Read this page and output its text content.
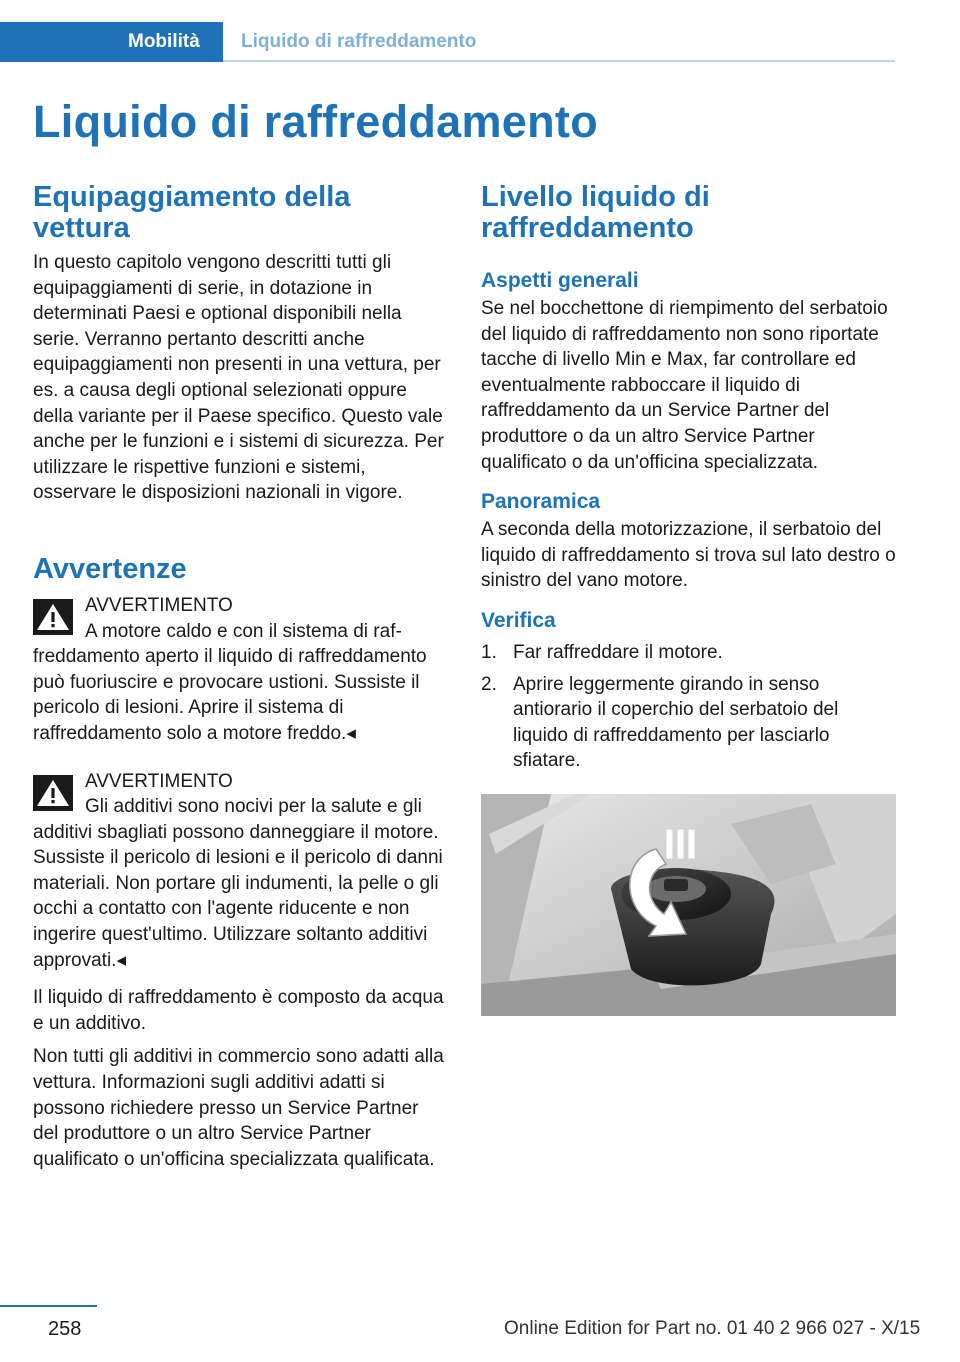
Mobilità Liquido di raffreddamento
Liquido di raffreddamento
Equipaggiamento della vettura

In questo capitolo vengono descritti tutti gli equipaggiamenti di serie, in dotazione in determinati Paesi e optional disponibili nella serie. Verranno pertanto descritti anche equipaggiamenti non presenti in una vettura, per es. a causa degli optional selezionati oppure della variante per il Paese specifico. Questo vale anche per le funzioni e i sistemi di sicurezza. Per utilizzare le rispettive funzioni e sistemi, osservare le disposizioni nazionali in vigore.

Avvertenze

AVVERTIMENTO

A motore caldo e con il sistema di raf-

freddamento aperto il liquido di raffreddamento può fuoriuscire e provocare ustioni. Sussiste il pericolo di lesioni. Aprire il sistema di raffreddamento solo a motore freddo.◂

AVVERTIMENTO

Gli additivi sono nocivi per la salute e gli

additivi sbagliati possono danneggiare il motore. Sussiste il pericolo di lesioni e il pericolo di danni materiali. Non portare gli indumenti, la pelle o gli occhi a contatto con l'agente riducente e non ingerire quest'ultimo. Utilizzare soltanto additivi approvati.◂

Il liquido di raffreddamento è composto da acqua e un additivo.

Non tutti gli additivi in commercio sono adatti alla vettura. Informazioni sugli additivi adatti si possono richiedere presso un Service Partner del produttore o un altro Service Partner qualificato o un'officina specializzata qualificata.

Livello liquido di raffreddamento
Aspetti generali

Se nel bocchettone di riempimento del serbatoio del liquido di raffreddamento non sono riportate tacche di livello Min e Max, far controllare ed eventualmente rabboccare il liquido di raffreddamento da un Service Partner del produttore o da un altro Service Partner qualificato o da un'officina specializzata.

Panoramica

A seconda della motorizzazione, il serbatoio del liquido di raffreddamento si trova sul lato destro o sinistro del vano motore.

Verifica
1. Far raffreddare il motore.
2. Aprire leggermente girando in senso antiorario il coperchio del serbatoio del liquido di raffreddamento per lasciarlo sfiatare.
258	Online Edition for Part no. 01 40 2 966 027 - X/15
